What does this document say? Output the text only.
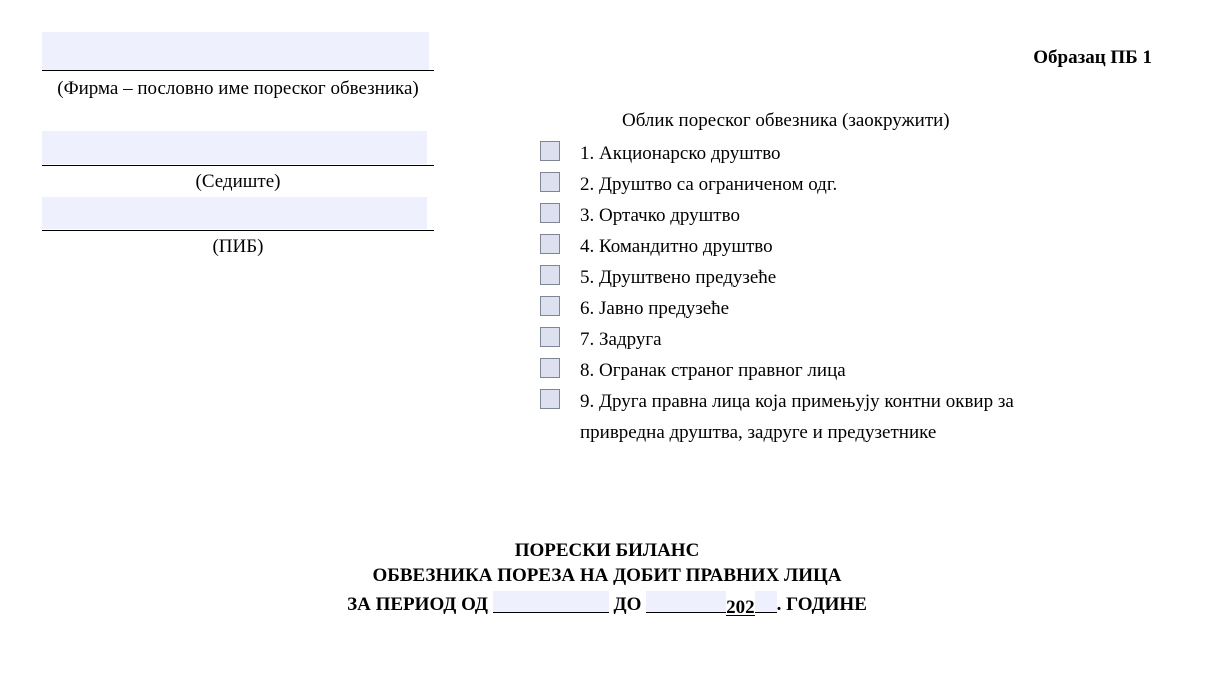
(Фирма – пословно име пореског обвезника)
(Седиште)
(ПИБ)
Образац ПБ 1
Облик пореског обвезника (заокружити)
1. Акционарско друштво
2. Друштво са ограниченом одг.
3. Ортачко друштво
4. Командитно друштво
5. Друштвено предузеће
6. Јавно предузеће
7. Задруга
8. Огранак страног правног лица
9. Друга правна лица која примењују контни оквир за привредна друштва, задруге и предузетнике
ПОРЕСКИ БИЛАНС
ОБВЕЗНИКА ПОРЕЗА НА ДОБИТ ПРАВНИХ ЛИЦА
ЗА ПЕРИОД ОД	ДО	202 . ГОДИНЕ
